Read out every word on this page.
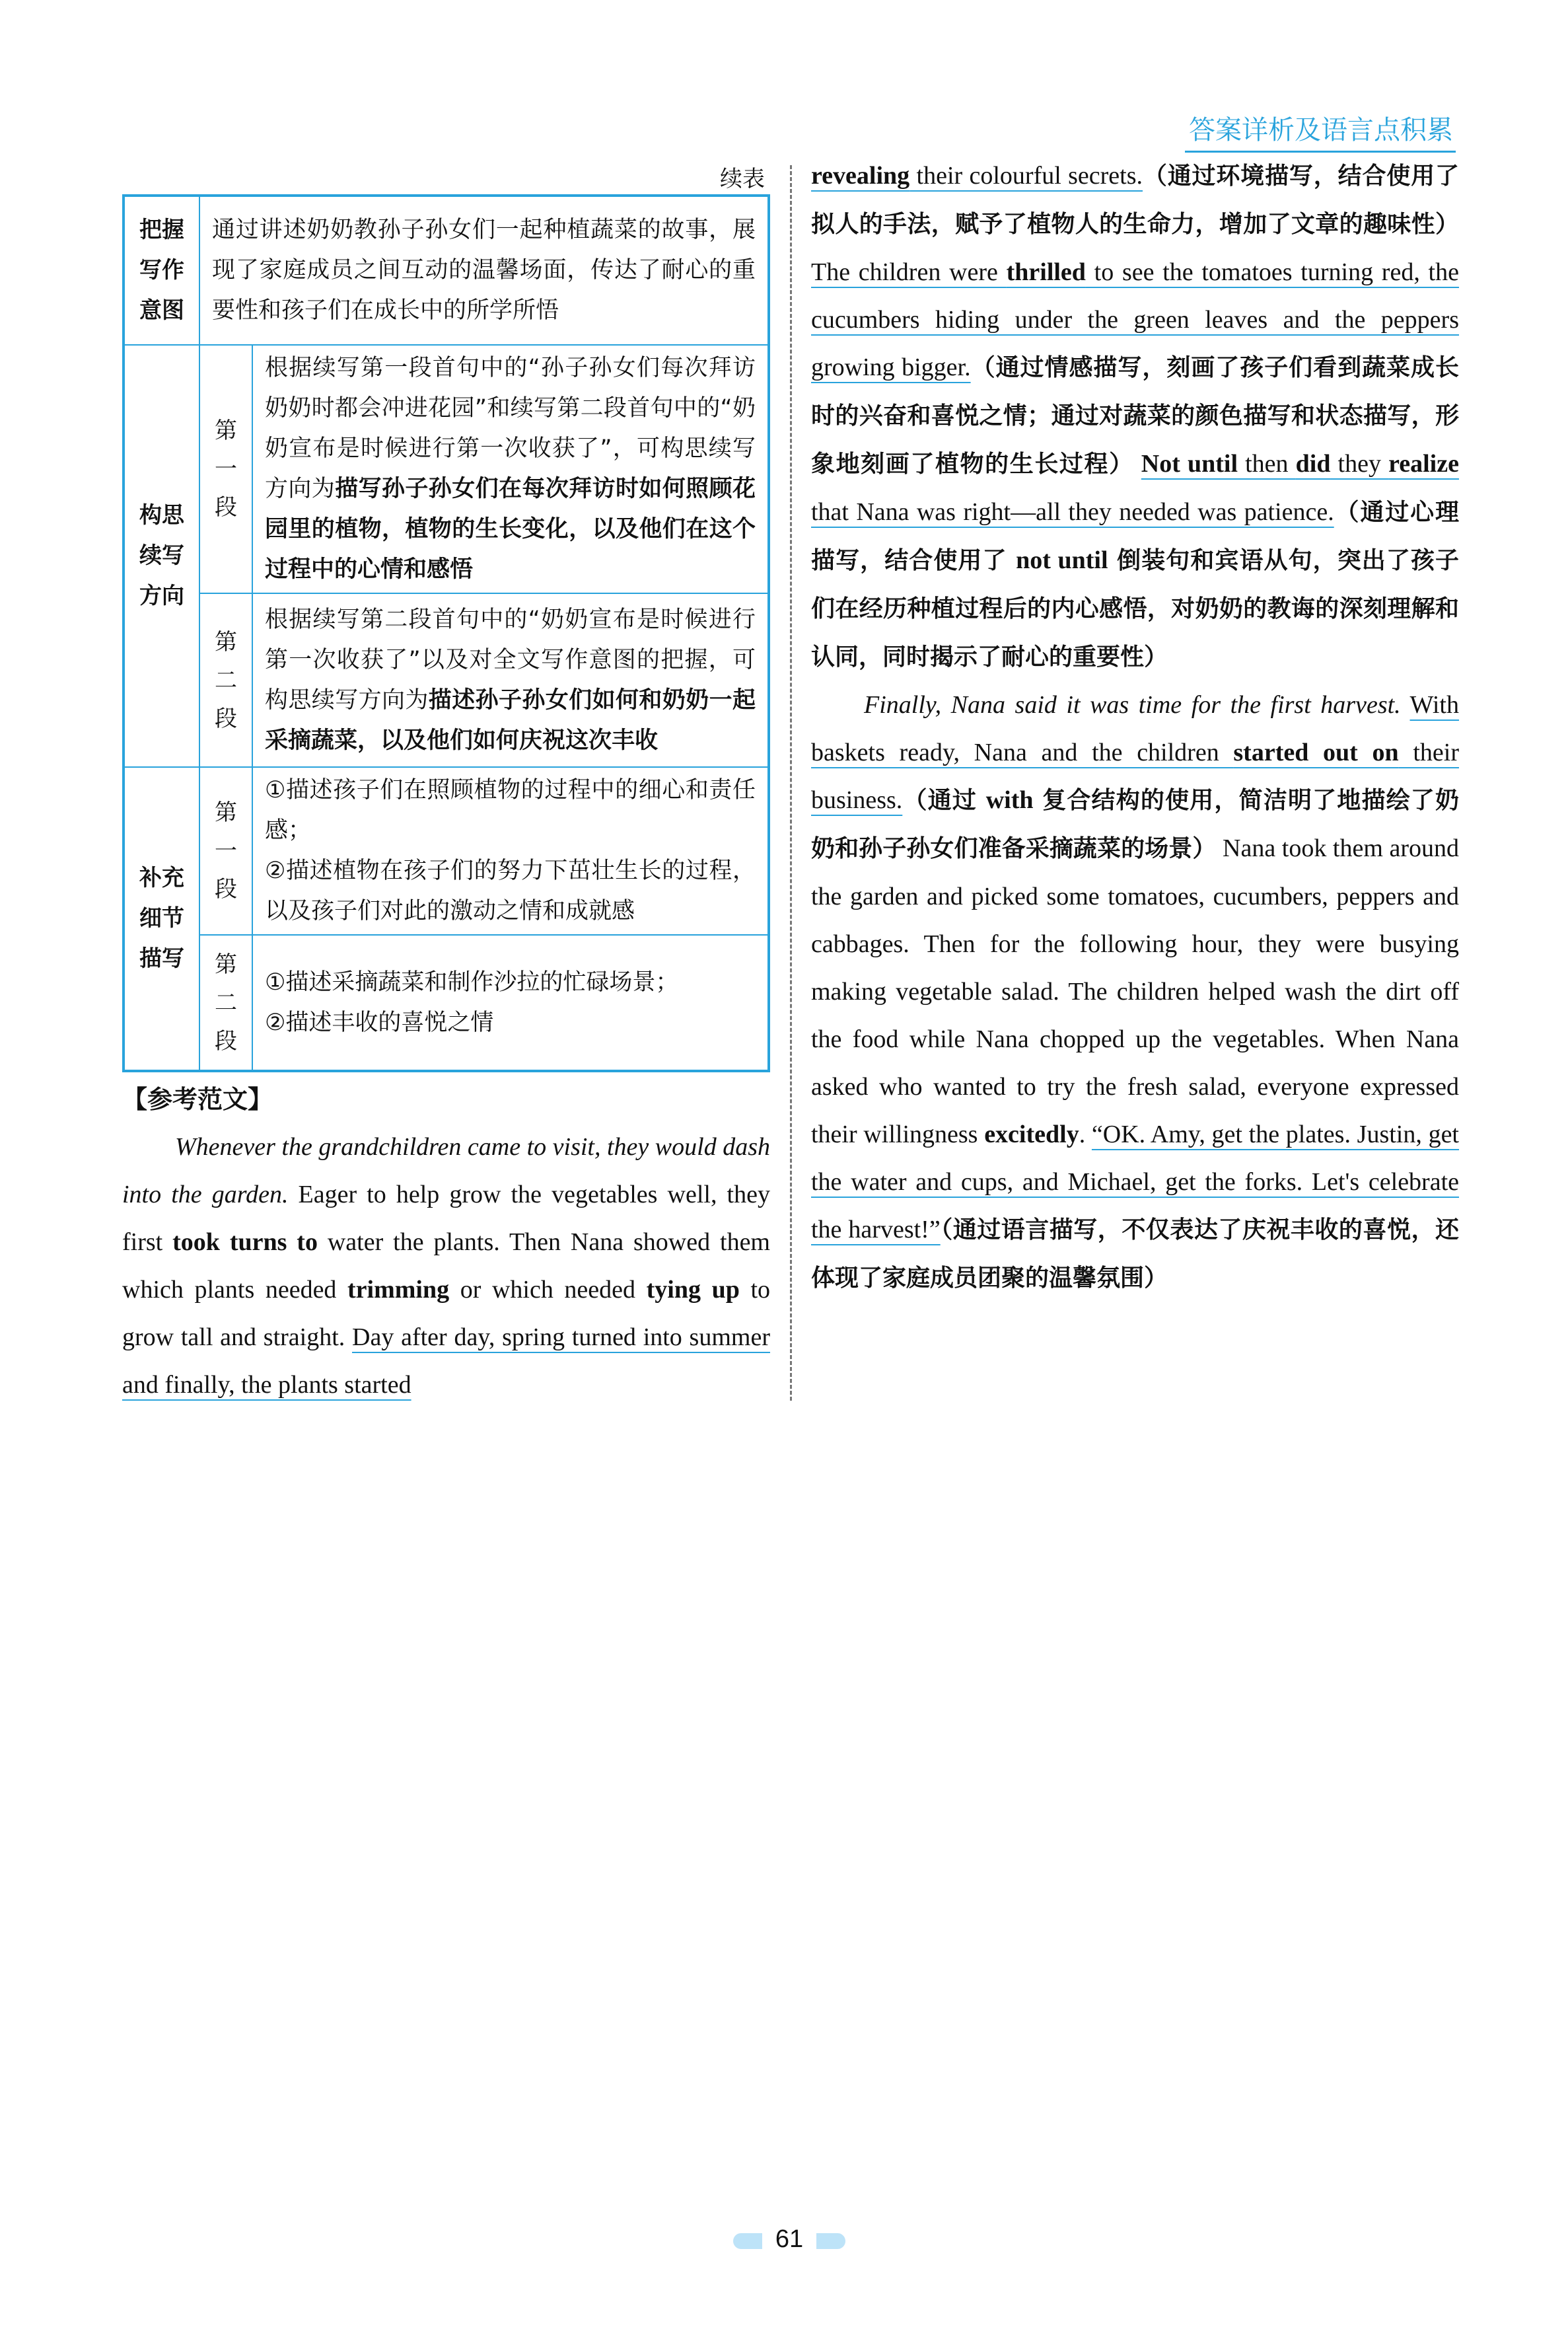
答案详析及语言点积累
续表
把握写作意图	通过讲述奶奶教孙子孙女们一起种植蔬菜的故事，展现了家庭成员之间互动的温馨场面，传达了耐心的重要性和孩子们在成长中的所学所悟	

构思续写方向	第一段	根据续写第一段首句中的“孙子孙女们每次拜访奶奶时都会冲进花园”和续写第二段首句中的“奶奶宣布是时候进行第一次收获了”，可构思续写方向为描写孙子孙女们在每次拜访时如何照顾花园里的植物，植物的生长变化，以及他们在这个过程中的心情和感悟

	第二段	根据续写第二段首句中的“奶奶宣布是时候进行第一次收获了”以及对全文写作意图的把握，可构思续写方向为描述孙子孙女们如何和奶奶一起采摘蔬菜，以及他们如何庆祝这次丰收

补充细节描写	第一段	①描述孩子们在照顾植物的过程中的细心和责任感；
②描述植物在孩子们的努力下茁壮生长的过程，以及孩子们对此的激动之情和成就感

	第二段	①描述采摘蔬菜和制作沙拉的忙碌场景；
②描述丰收的喜悦之情
【参考范文】

Whenever the grandchildren came to visit, they would dash into the garden. Eager to help grow the vegetables well, they first took turns to water the plants. Then Nana showed them which plants needed trimming or which needed tying up to grow tall and straight. Day after day, spring turned into summer and finally, the plants started

revealing their colourful secrets.（通过环境描写，结合使用了拟人的手法，赋予了植物人的生命力，增加了文章的趣味性） The children were thrilled to see the tomatoes turning red, the cucumbers hiding under the green leaves and the peppers growing bigger.（通过情感描写，刻画了孩子们看到蔬菜成长时的兴奋和喜悦之情；通过对蔬菜的颜色描写和状态描写，形象地刻画了植物的生长过程） Not until then did they realize that Nana was right—all they needed was patience.（通过心理描写，结合使用了 not until 倒装句和宾语从句，突出了孩子们在经历种植过程后的内心感悟，对奶奶的教诲的深刻理解和认同，同时揭示了耐心的重要性）

Finally, Nana said it was time for the first harvest. With baskets ready, Nana and the children started out on their business.（通过 with 复合结构的使用，简洁明了地描绘了奶奶和孙子孙女们准备采摘蔬菜的场景） Nana took them around the garden and picked some tomatoes, cucumbers, peppers and cabbages. Then for the following hour, they were busying making vegetable salad. The children helped wash the dirt off the food while Nana chopped up the vegetables. When Nana asked who wanted to try the fresh salad, everyone expressed their willingness excitedly. “OK. Amy, get the plates. Justin, get the water and cups, and Michael, get the forks. Let's celebrate the harvest!”（通过语言描写，不仅表达了庆祝丰收的喜悦，还体现了家庭成员团聚的温馨氛围）

61
